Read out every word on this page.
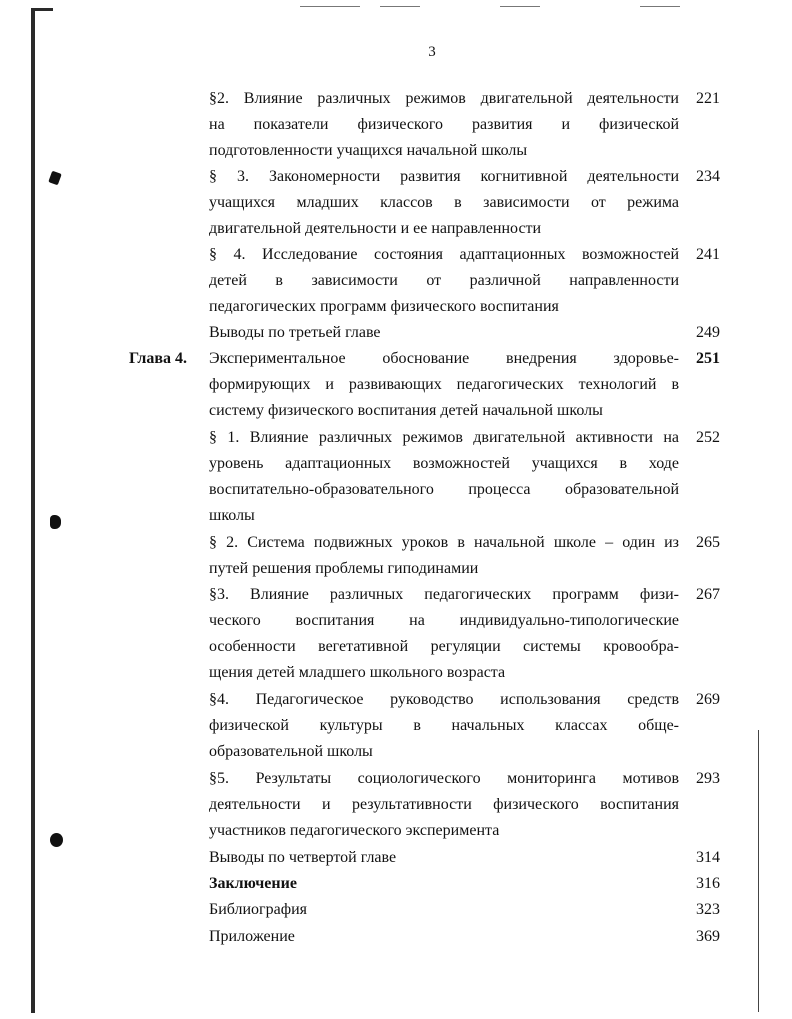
3
221
§2. Влияние различных режимов двигательной деятельности
на показатели физического развития и физической
подготовленности учащихся начальной школы
234
§ 3. Закономерности развития когнитивной деятельности
учащихся младших классов в зависимости от режима
двигательной деятельности и ее направленности
241
§ 4. Исследование состояния адаптационных возможностей
детей в зависимости от различной направленности
педагогических программ физического воспитания
249
Выводы по третьей главе
Глава 4.	251
Экспериментальное обоснование внедрения здоровье-
формирующих и развивающих педагогических технологий в
систему физического воспитания детей начальной школы
252
§ 1. Влияние различных режимов двигательной активности на
уровень адаптационных возможностей учащихся в ходе
воспитательно-образовательного процесса образовательной
школы
265
§ 2. Система подвижных уроков в начальной школе – один из
путей решения проблемы гиподинамии
267
§3. Влияние различных педагогических программ физи-
ческого воспитания на индивидуально-типологические
особенности вегетативной регуляции системы кровообра-
щения детей младшего школьного возраста
269
§4. Педагогическое руководство использования средств
физической культуры в начальных классах обще-
образовательной школы
293
§5. Результаты социологического мониторинга мотивов
деятельности и результативности физического воспитания
участников педагогического эксперимента
314
Выводы по четвертой главе
316
Заключение
323
Библиография
369
Приложение
